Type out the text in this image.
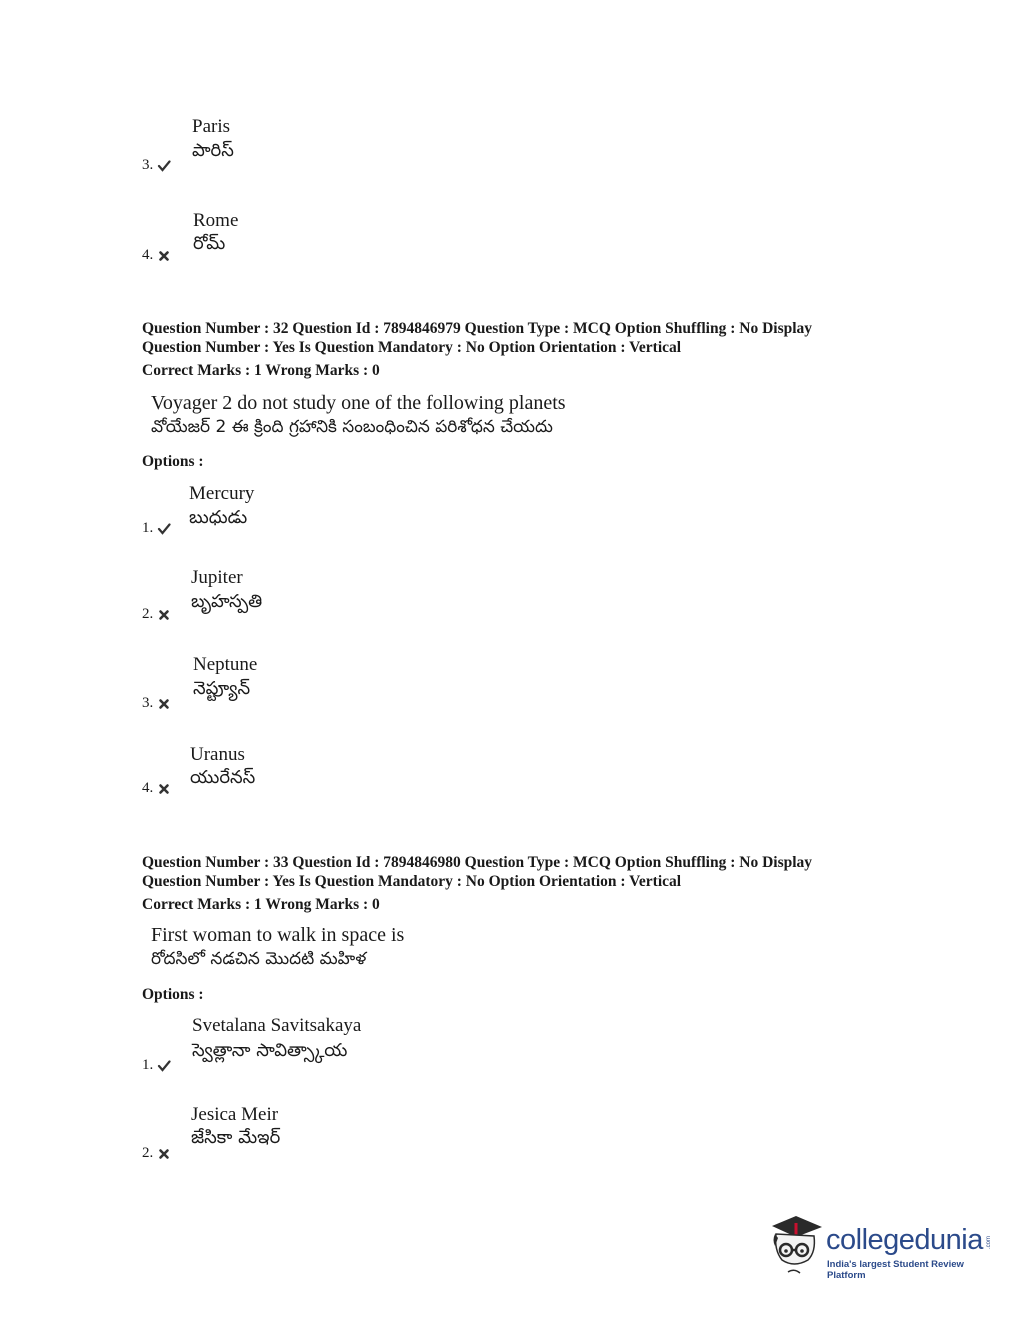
Paris
పారిస్
3.
Rome
రోమ్
4.
Question Number : 32 Question Id : 7894846979 Question Type : MCQ Option Shuffling : No Display
Question Number : Yes Is Question Mandatory : No Option Orientation : Vertical
Correct Marks : 1 Wrong Marks : 0
Voyager 2 do not study one of the following planets
వోయేజర్ 2 ఈ క్రింది గ్రహానికి సంబంధించిన పరిశోధన చేయదు
Options :
Mercury
బుధుడు
1.
Jupiter
బృహస్పతి
2.
Neptune
నెప్ట్యూన్
3.
Uranus
యురేనస్
4.
Question Number : 33 Question Id : 7894846980 Question Type : MCQ Option Shuffling : No Display
Question Number : Yes Is Question Mandatory : No Option Orientation : Vertical
Correct Marks : 1 Wrong Marks : 0
First woman to walk in space is
రోదసిలో నడచిన మొదటి మహిళ
Options :
Svetalana Savitsakaya
స్వెత్లానా సావిత్స్కాయ
1.
Jesica Meir
జేసికా మేఇర్
2.
collegedunia .com
India's largest Student Review Platform
